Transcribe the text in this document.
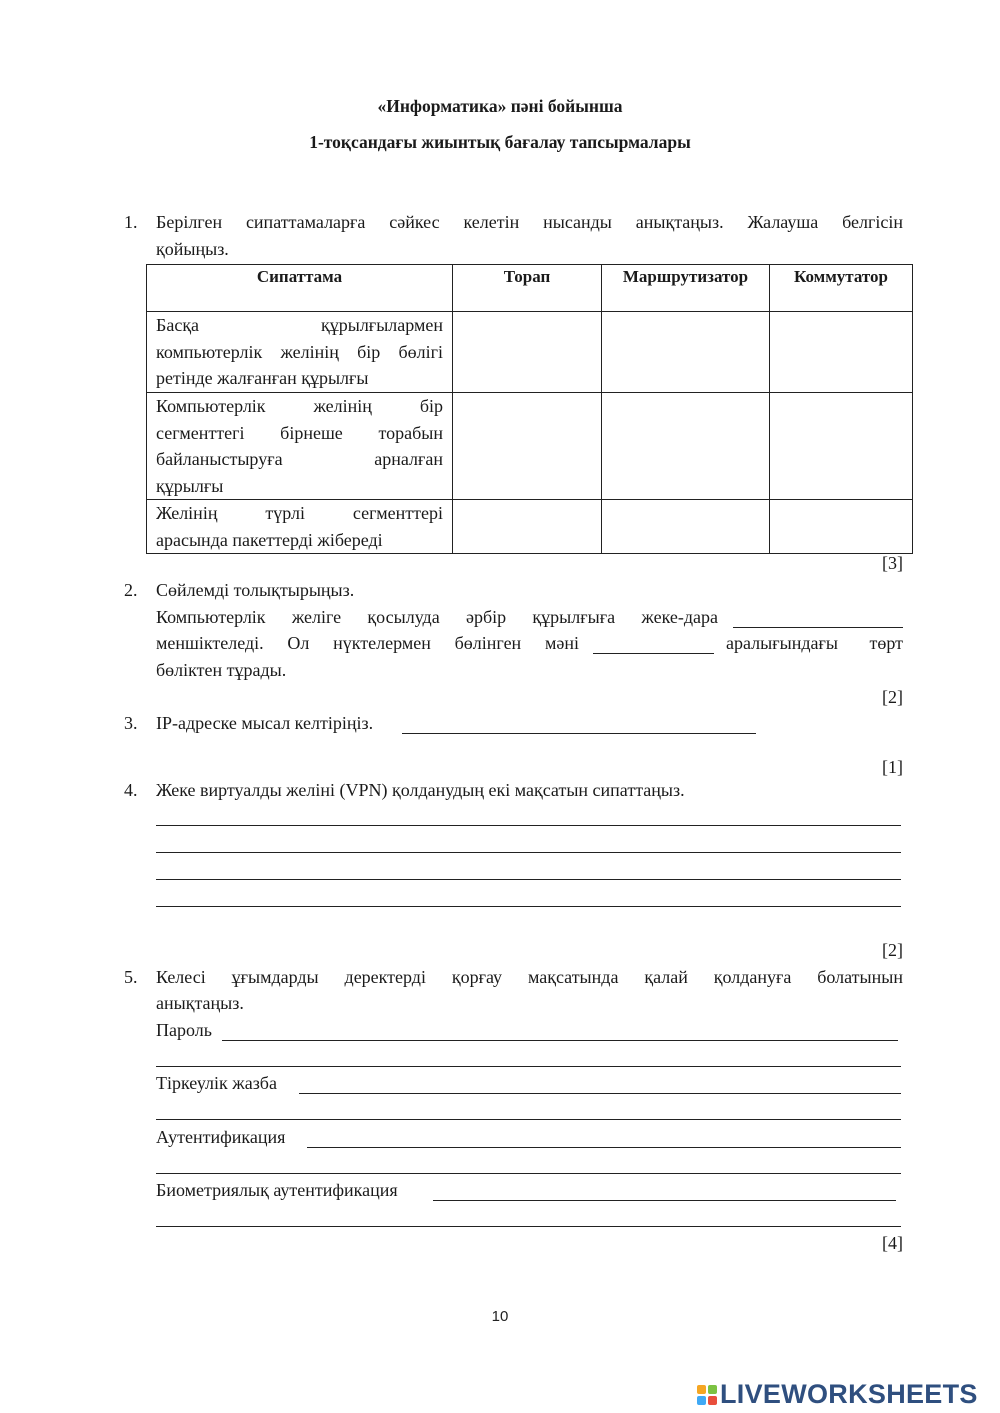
«Информатика» пәні бойынша
1-тоқсандағы жиынтық бағалау тапсырмалары
1. Берілген сипаттамаларға сәйкес келетін нысанды анықтаңыз. Жалауша белгісін
қойыңыз.
Сипаттама	Торап	Маршрутизатор	Коммутатор

Басқа құрылғылармен
компьютерлік желінің бір бөлігі
ретінде жалғанған құрылғы			

Компьютерлік желінің бір
сегменттегі бірнеше торабын
байланыстыруға арналған
құрылғы			

Желінің түрлі сегменттері
арасында пакеттерді жібереді			

[3]
2. Сөйлемді толықтырыңыз.
Компьютерлік желіге қосылуда әрбір құрылғыға жеке-дара
меншіктеледі. Ол нүктелермен бөлінген мәні	аралығындағы төрт
бөліктен тұрады.
[2]
3. IP-адреске мысал келтіріңіз.
[1]
4. Жеке виртуалды желіні (VPN) қолданудың екі мақсатын сипаттаңыз.
[2]
5. Келесі ұғымдарды деректерді қорғау мақсатында қалай қолдануға болатынын
анықтаңыз.
Пароль
Тіркеулік жазба
Аутентификация
Биометриялық аутентификация
[4]
10
LIVEWORKSHEETS
